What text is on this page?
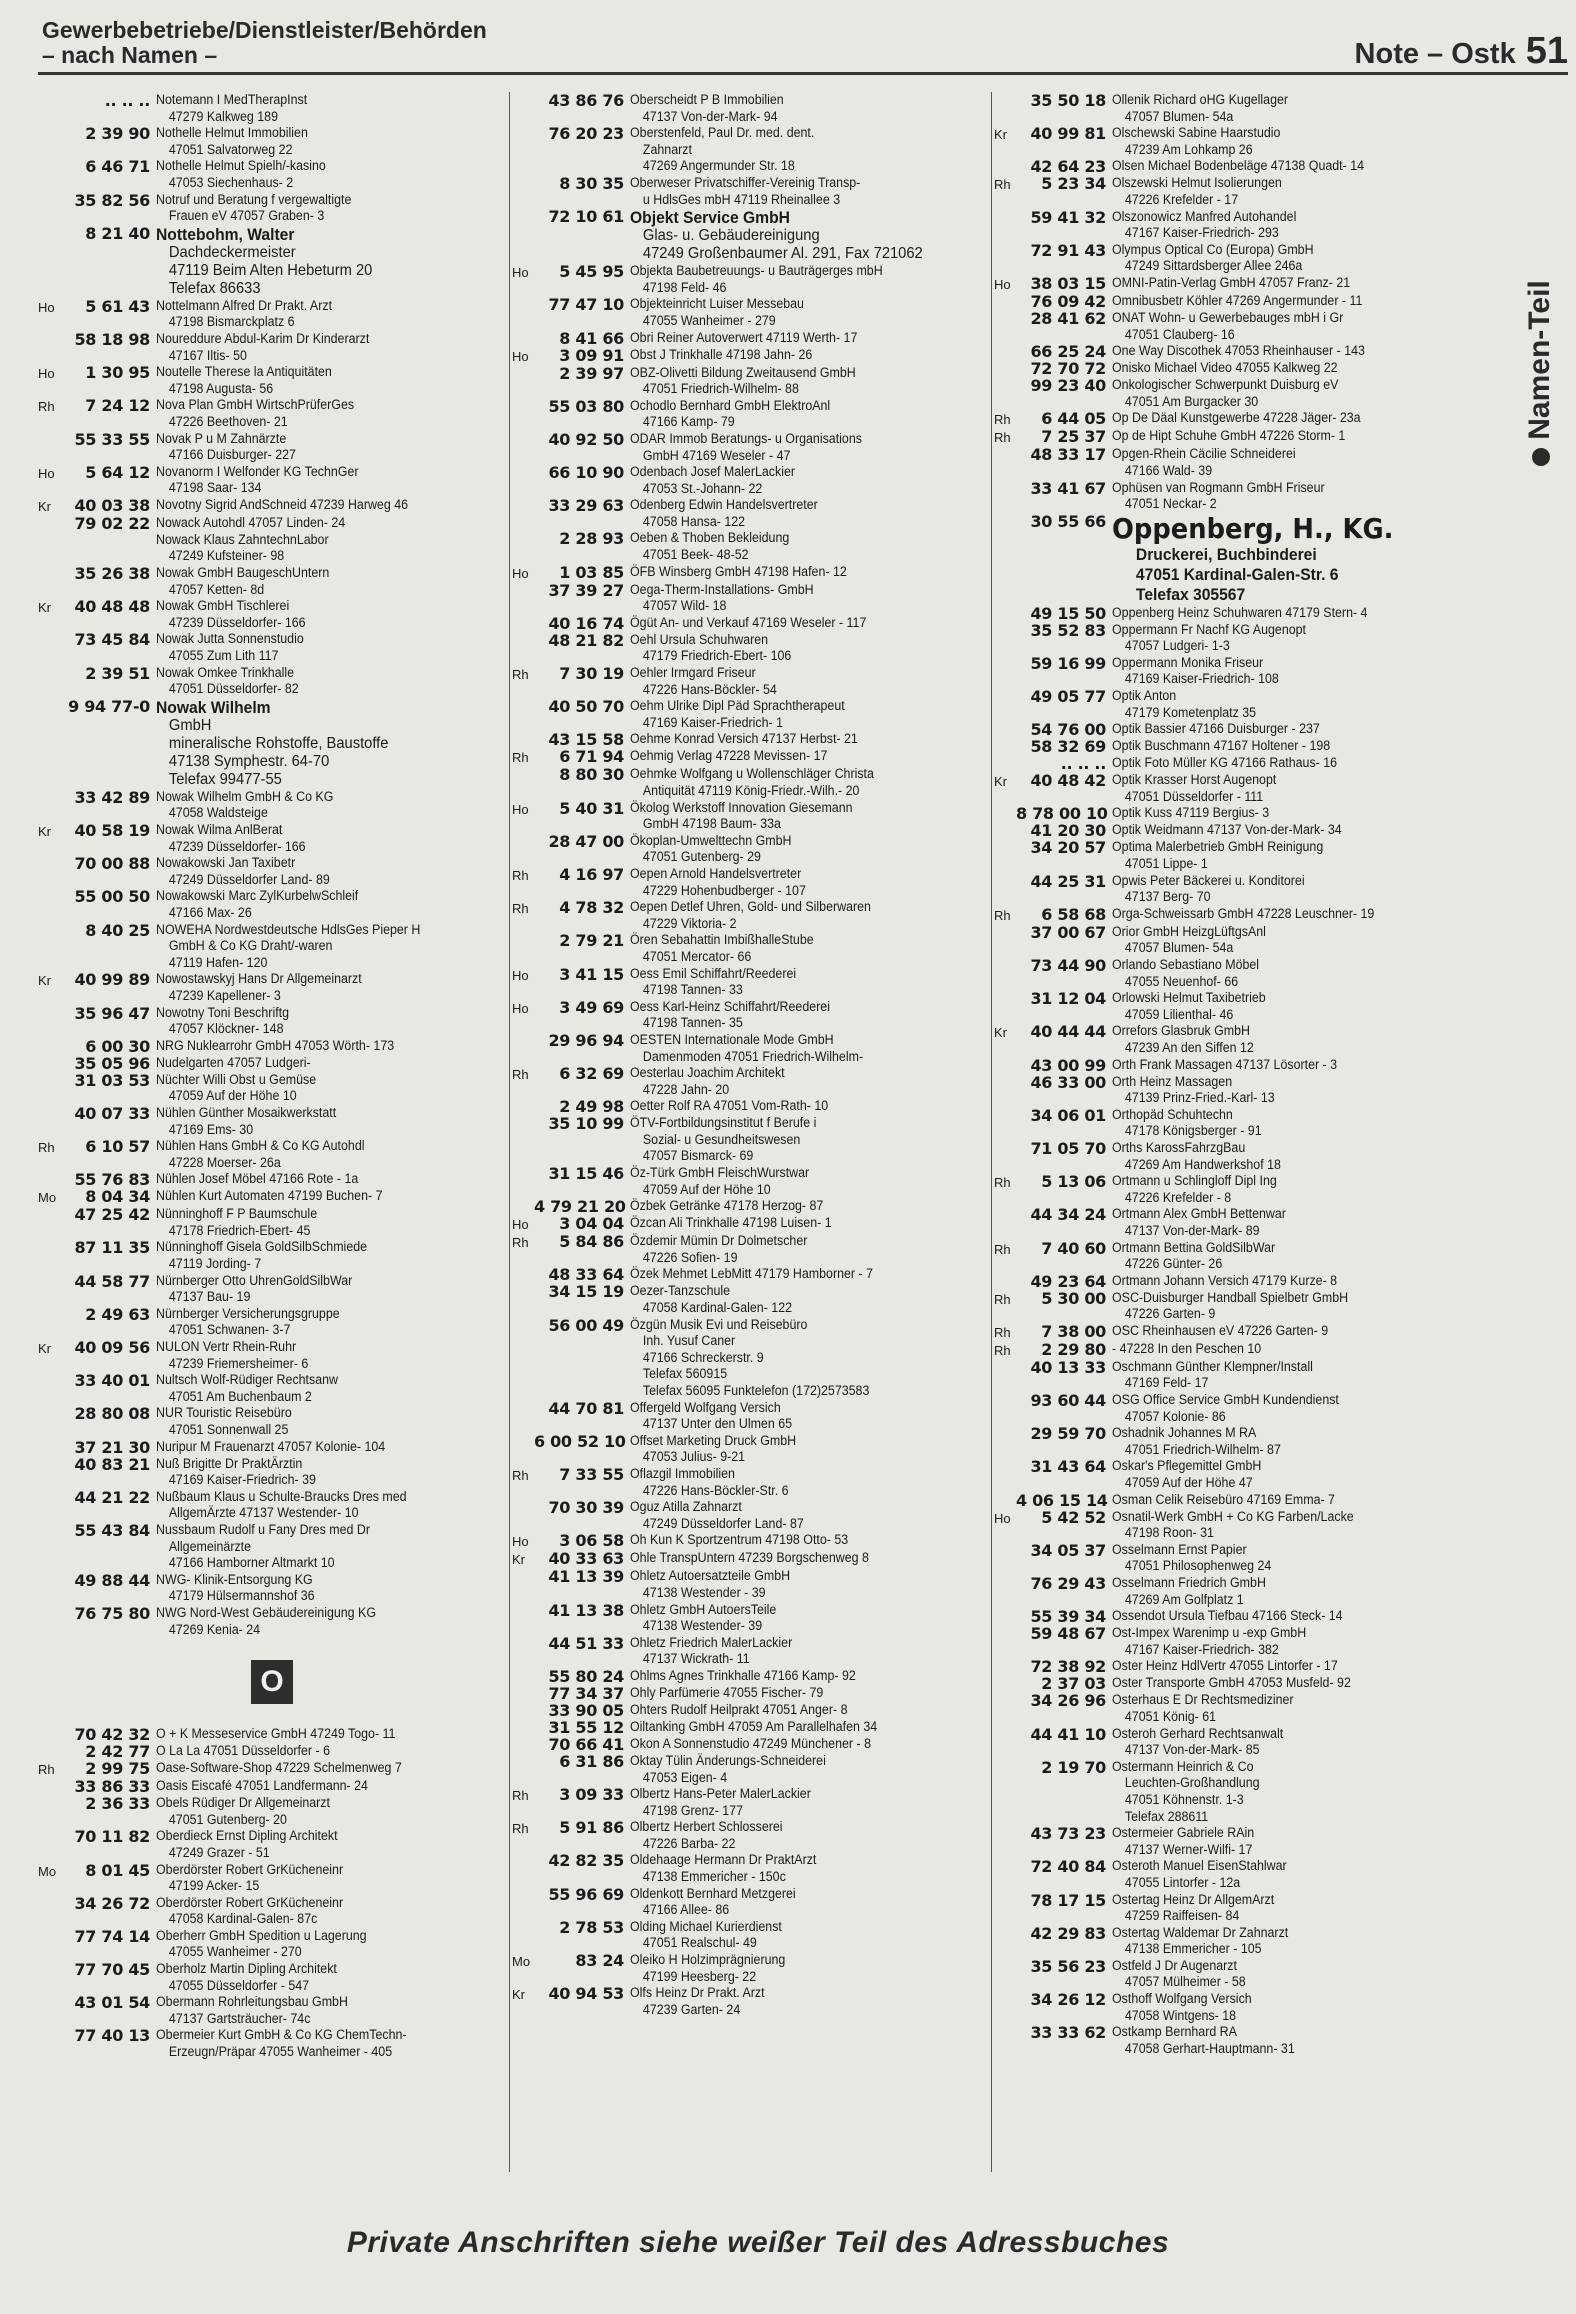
Gewerbebetriebe/Dienstleister/Behörden
– nach Namen –	Note – Ostk 51
.. .. .. Notemann I MedTherapInst
47279 Kalkweg 189
2 39 90 Nothelle Helmut Immobilien
47051 Salvatorweg 22
6 46 71 Nothelle Helmut Spielh/-kasino
47053 Siechenhaus- 2
35 82 56 Notruf und Beratung f vergewaltigte
Frauen eV 47057 Graben- 3
8 21 40 Nottebohm, Walter
Dachdeckermeister
47119 Beim Alten Hebeturm 20
Telefax 86633
Ho	5 61 43 Nottelmann Alfred Dr Prakt. Arzt
47198 Bismarckplatz 6
58 18 98 Noureddure Abdul-Karim Dr Kinderarzt
47167 Iltis- 50
Ho	1 30 95 Noutelle Therese la Antiquitäten
47198 Augusta- 56
Rh	7 24 12 Nova Plan GmbH WirtschPrüferGes
47226 Beethoven- 21
55 33 55 Novak P u M Zahnärzte
47166 Duisburger- 227
Ho	5 64 12 Novanorm I Welfonder KG TechnGer
47198 Saar- 134
Kr	40 03 38 Novotny Sigrid AndSchneid 47239 Harweg 46
79 02 22 Nowack Autohdl 47057 Linden- 24
Nowack Klaus ZahntechnLabor
47249 Kufsteiner- 98
35 26 38 Nowak GmbH BaugeschUntern
47057 Ketten- 8d
Kr	40 48 48 Nowak GmbH Tischlerei
47239 Düsseldorfer- 166
73 45 84 Nowak Jutta Sonnenstudio
47055 Zum Lith 117
2 39 51 Nowak Omkee Trinkhalle
47051 Düsseldorfer- 82
9 94 77-0 Nowak Wilhelm
GmbH
mineralische Rohstoffe, Baustoffe
47138 Symphestr. 64-70
Telefax 99477-55
33 42 89 Nowak Wilhelm GmbH & Co KG
47058 Waldsteige
Kr	40 58 19 Nowak Wilma AnlBerat
47239 Düsseldorfer- 166
70 00 88 Nowakowski Jan Taxibetr
47249 Düsseldorfer Land- 89
55 00 50 Nowakowski Marc ZylKurbelwSchleif
47166 Max- 26
8 40 25 NOWEHA Nordwestdeutsche HdlsGes Pieper H
GmbH & Co KG Draht/-waren
47119 Hafen- 120
Kr	40 99 89 Nowostawskyj Hans Dr Allgemeinarzt
47239 Kapellener- 3
35 96 47 Nowotny Toni Beschriftg
47057 Klöckner- 148
6 00 30 NRG Nuklearrohr GmbH 47053 Wörth- 173
35 05 96 Nudelgarten 47057 Ludgeri-
31 03 53 Nüchter Willi Obst u Gemüse
47059 Auf der Höhe 10
40 07 33 Nühlen Günther Mosaikwerkstatt
47169 Ems- 30
Rh	6 10 57 Nühlen Hans GmbH & Co KG Autohdl
47228 Moerser- 26a
55 76 83 Nühlen Josef Möbel 47166 Rote - 1a
Mo	8 04 34 Nühlen Kurt Automaten 47199 Buchen- 7
47 25 42 Nünninghoff F P Baumschule
47178 Friedrich-Ebert- 45
87 11 35 Nünninghoff Gisela GoldSilbSchmiede
47119 Jording- 7
44 58 77 Nürnberger Otto UhrenGoldSilbWar
47137 Bau- 19
2 49 63 Nürnberger Versicherungsgruppe
47051 Schwanen- 3-7
Kr	40 09 56 NULON Vertr Rhein-Ruhr
47239 Friemersheimer- 6
33 40 01 Nultsch Wolf-Rüdiger Rechtsanw
47051 Am Buchenbaum 2
28 80 08 NUR Touristic Reisebüro
47051 Sonnenwall 25
37 21 30 Nuripur M Frauenarzt 47057 Kolonie- 104
40 83 21 Nuß Brigitte Dr PraktÄrztin
47169 Kaiser-Friedrich- 39
44 21 22 Nußbaum Klaus u Schulte-Braucks Dres med
AllgemÄrzte 47137 Westender- 10
55 43 84 Nussbaum Rudolf u Fany Dres med Dr
Allgemeinärzte
47166 Hamborner Altmarkt 10
49 88 44 NWG- Klinik-Entsorgung KG
47179 Hülsermannshof 36
76 75 80 NWG Nord-West Gebäudereinigung KG
47269 Kenia- 24
O
70 42 32 O + K Messeservice GmbH 47249 Togo- 11
2 42 77 O La La 47051 Düsseldorfer - 6
Rh	2 99 75 Oase-Software-Shop 47229 Schelmenweg 7
33 86 33 Oasis Eiscafé 47051 Landfermann- 24
2 36 33 Obels Rüdiger Dr Allgemeinarzt
47051 Gutenberg- 20
70 11 82 Oberdieck Ernst Dipling Architekt
47249 Grazer - 51
Mo	8 01 45 Oberdörster Robert GrKücheneinr
47199 Acker- 15
34 26 72 Oberdörster Robert GrKücheneinr
47058 Kardinal-Galen- 87c
77 74 14 Oberherr GmbH Spedition u Lagerung
47055 Wanheimer - 270
77 70 45 Oberholz Martin Dipling Architekt
47055 Düsseldorfer - 547
43 01 54 Obermann Rohrleitungsbau GmbH
47137 Gartsträucher- 74c
77 40 13 Obermeier Kurt GmbH & Co KG ChemTechn-
Erzeugn/Präpar 47055 Wanheimer - 405
43 86 76 Oberscheidt P B Immobilien
47137 Von-der-Mark- 94
76 20 23 Oberstenfeld, Paul Dr. med. dent.
Zahnarzt
47269 Angermunder Str. 18
8 30 35 Oberweser Privatschiffer-Vereinig Transp-
u HdlsGes mbH 47119 Rheinallee 3
72 10 61 Objekt Service GmbH
Glas- u. Gebäudereinigung
47249 Großenbaumer Al. 291, Fax 721062
Ho	5 45 95 Objekta Baubetreuungs- u Bauträgerges mbH
47198 Feld- 46
77 47 10 Objekteinricht Luiser Messebau
47055 Wanheimer - 279
8 41 66 Obri Reiner Autoverwert 47119 Werth- 17
Ho	3 09 91 Obst J Trinkhalle 47198 Jahn- 26
2 39 97 OBZ-Olivetti Bildung Zweitausend GmbH
47051 Friedrich-Wilhelm- 88
55 03 80 Ochodlo Bernhard GmbH ElektroAnl
47166 Kamp- 79
40 92 50 ODAR Immob Beratungs- u Organisations
GmbH 47169 Weseler - 47
66 10 90 Odenbach Josef MalerLackier
47053 St.-Johann- 22
33 29 63 Odenberg Edwin Handelsvertreter
47058 Hansa- 122
2 28 93 Oeben & Thoben Bekleidung
47051 Beek- 48-52
Ho	1 03 85 ÖFB Winsberg GmbH 47198 Hafen- 12
37 39 27 Oega-Therm-Installations- GmbH
47057 Wild- 18
40 16 74 Ögüt An- und Verkauf 47169 Weseler - 117
48 21 82 Oehl Ursula Schuhwaren
47179 Friedrich-Ebert- 106
Rh	7 30 19 Oehler Irmgard Friseur
47226 Hans-Böckler- 54
40 50 70 Oehm Ulrike Dipl Päd Sprachtherapeut
47169 Kaiser-Friedrich- 1
43 15 58 Oehme Konrad Versich 47137 Herbst- 21
Rh	6 71 94 Oehmig Verlag 47228 Mevissen- 17
8 80 30 Oehmke Wolfgang u Wollenschläger Christa
Antiquität 47119 König-Friedr.-Wilh.- 20
Ho	5 40 31 Ökolog Werkstoff Innovation Giesemann
GmbH 47198 Baum- 33a
28 47 00 Ökoplan-Umwelttechn GmbH
47051 Gutenberg- 29
Rh	4 16 97 Oepen Arnold Handelsvertreter
47229 Hohenbudberger - 107
Rh	4 78 32 Oepen Detlef Uhren, Gold- und Silberwaren
47229 Viktoria- 2
2 79 21 Ören Sebahattin ImbißhalleStube
47051 Mercator- 66
Ho	3 41 15 Oess Emil Schiffahrt/Reederei
47198 Tannen- 33
Ho	3 49 69 Oess Karl-Heinz Schiffahrt/Reederei
47198 Tannen- 35
29 96 94 OESTEN Internationale Mode GmbH
Damenmoden 47051 Friedrich-Wilhelm-
Rh	6 32 69 Oesterlau Joachim Architekt
47228 Jahn- 20
2 49 98 Oetter Rolf RA 47051 Vom-Rath- 10
35 10 99 ÖTV-Fortbildungsinstitut f Berufe i
Sozial- u Gesundheitswesen
47057 Bismarck- 69
31 15 46 Öz-Türk GmbH FleischWurstwar
47059 Auf der Höhe 10
4 79 21 20 Özbek Getränke 47178 Herzog- 87
Ho	3 04 04 Özcan Ali Trinkhalle 47198 Luisen- 1
Rh	5 84 86 Özdemir Mümin Dr Dolmetscher
47226 Sofien- 19
48 33 64 Özek Mehmet LebMitt 47179 Hamborner - 7
34 15 19 Oezer-Tanzschule
47058 Kardinal-Galen- 122
56 00 49 Özgün Musik Evi und Reisebüro
Inh. Yusuf Caner
47166 Schreckerstr. 9
Telefax 560915
Telefax 56095 Funktelefon (172)2573583
44 70 81 Offergeld Wolfgang Versich
47137 Unter den Ulmen 65
6 00 52 10 Offset Marketing Druck GmbH
47053 Julius- 9-21
Rh	7 33 55 Oflazgil Immobilien
47226 Hans-Böckler-Str. 6
70 30 39 Oguz Atilla Zahnarzt
47249 Düsseldorfer Land- 87
Ho	3 06 58 Oh Kun K Sportzentrum 47198 Otto- 53
Kr	40 33 63 Ohle TranspUntern 47239 Borgschenweg 8
41 13 39 Ohletz Autoersatzteile GmbH
47138 Westender - 39
41 13 38 Ohletz GmbH AutoersTeile
47138 Westender- 39
44 51 33 Ohletz Friedrich MalerLackier
47137 Wickrath- 11
55 80 24 Ohlms Agnes Trinkhalle 47166 Kamp- 92
77 34 37 Ohly Parfümerie 47055 Fischer- 79
33 90 05 Ohters Rudolf Heilprakt 47051 Anger- 8
31 55 12 Oiltanking GmbH 47059 Am Parallelhafen 34
70 66 41 Okon A Sonnenstudio 47249 Münchener - 8
6 31 86 Oktay Tülin Änderungs-Schneiderei
47053 Eigen- 4
Rh	3 09 33 Olbertz Hans-Peter MalerLackier
47198 Grenz- 177
Rh	5 91 86 Olbertz Herbert Schlosserei
47226 Barba- 22
42 82 35 Oldehaage Hermann Dr PraktArzt
47138 Emmericher - 150c
55 96 69 Oldenkott Bernhard Metzgerei
47166 Allee- 86
2 78 53 Olding Michael Kurierdienst
47051 Realschul- 49
Mo	83 24 Oleiko H Holzimprägnierung
47199 Heesberg- 22
Kr	40 94 53 Olfs Heinz Dr Prakt. Arzt
47239 Garten- 24
35 50 18 Ollenik Richard oHG Kugellager
47057 Blumen- 54a
Kr	40 99 81 Olschewski Sabine Haarstudio
47239 Am Lohkamp 26
42 64 23 Olsen Michael Bodenbeläge 47138 Quadt- 14
Rh	5 23 34 Olszewski Helmut Isolierungen
47226 Krefelder - 17
59 41 32 Olszonowicz Manfred Autohandel
47167 Kaiser-Friedrich- 293
72 91 43 Olympus Optical Co (Europa) GmbH
47249 Sittardsberger Allee 246a
Ho	38 03 15 OMNI-Patin-Verlag GmbH 47057 Franz- 21
76 09 42 Omnibusbetr Köhler 47269 Angermunder - 11
28 41 62 ONAT Wohn- u Gewerbebauges mbH i Gr
47051 Clauberg- 16
66 25 24 One Way Discothek 47053 Rheinhauser - 143
72 70 72 Onisko Michael Video 47055 Kalkweg 22
99 23 40 Onkologischer Schwerpunkt Duisburg eV
47051 Am Burgacker 30
Rh	6 44 05 Op De Däal Kunstgewerbe 47228 Jäger- 23a
Rh	7 25 37 Op de Hipt Schuhe GmbH 47226 Storm- 1
48 33 17 Opgen-Rhein Cäcilie Schneiderei
47166 Wald- 39
33 41 67 Ophüsen van Rogmann GmbH Friseur
47051 Neckar- 2
30 55 66 Oppenberg, H., KG.
Druckerei, Buchbinderei
47051 Kardinal-Galen-Str. 6
Telefax 305567
49 15 50 Oppenberg Heinz Schuhwaren 47179 Stern- 4
35 52 83 Oppermann Fr Nachf KG Augenopt
47057 Ludgeri- 1-3
59 16 99 Oppermann Monika Friseur
47169 Kaiser-Friedrich- 108
49 05 77 Optik Anton
47179 Kometenplatz 35
54 76 00 Optik Bassier 47166 Duisburger - 237
58 32 69 Optik Buschmann 47167 Holtener - 198
.. .. .. Optik Foto Müller KG 47166 Rathaus- 16
Kr	40 48 42 Optik Krasser Horst Augenopt
47051 Düsseldorfer - 111
8 78 00 10 Optik Kuss 47119 Bergius- 3
41 20 30 Optik Weidmann 47137 Von-der-Mark- 34
34 20 57 Optima Malerbetrieb GmbH Reinigung
47051 Lippe- 1
44 25 31 Opwis Peter Bäckerei u. Konditorei
47137 Berg- 70
Rh	6 58 68 Orga-Schweissarb GmbH 47228 Leuschner- 19
37 00 67 Orior GmbH HeizgLüftgsAnl
47057 Blumen- 54a
73 44 90 Orlando Sebastiano Möbel
47055 Neuenhof- 66
31 12 04 Orlowski Helmut Taxibetrieb
47059 Lilienthal- 46
Kr	40 44 44 Orrefors Glasbruk GmbH
47239 An den Siffen 12
43 00 99 Orth Frank Massagen 47137 Lösorter - 3
46 33 00 Orth Heinz Massagen
47139 Prinz-Fried.-Karl- 13
34 06 01 Orthopäd Schuhtechn
47178 Königsberger - 91
71 05 70 Orths KarossFahrzgBau
47269 Am Handwerkshof 18
Rh	5 13 06 Ortmann u Schlingloff Dipl Ing
47226 Krefelder - 8
44 34 24 Ortmann Alex GmbH Bettenwar
47137 Von-der-Mark- 89
Rh	7 40 60 Ortmann Bettina GoldSilbWar
47226 Günter- 26
49 23 64 Ortmann Johann Versich 47179 Kurze- 8
Rh	5 30 00 OSC-Duisburger Handball Spielbetr GmbH
47226 Garten- 9
Rh	7 38 00 OSC Rheinhausen eV 47226 Garten- 9
Rh	2 29 80 - 47228 In den Peschen 10
40 13 33 Oschmann Günther Klempner/Install
47169 Feld- 17
93 60 44 OSG Office Service GmbH Kundendienst
47057 Kolonie- 86
29 59 70 Oshadnik Johannes M RA
47051 Friedrich-Wilhelm- 87
31 43 64 Oskar's Pflegemittel GmbH
47059 Auf der Höhe 47
4 06 15 14 Osman Celik Reisebüro 47169 Emma- 7
Ho	5 42 52 Osnatil-Werk GmbH + Co KG Farben/Lacke
47198 Roon- 31
34 05 37 Osselmann Ernst Papier
47051 Philosophenweg 24
76 29 43 Osselmann Friedrich GmbH
47269 Am Golfplatz 1
55 39 34 Ossendot Ursula Tiefbau 47166 Steck- 14
59 48 67 Ost-Impex Warenimp u -exp GmbH
47167 Kaiser-Friedrich- 382
72 38 92 Oster Heinz HdlVertr 47055 Lintorfer - 17
2 37 03 Oster Transporte GmbH 47053 Musfeld- 92
34 26 96 Osterhaus E Dr Rechtsmediziner
47051 König- 61
44 41 10 Osteroh Gerhard Rechtsanwalt
47137 Von-der-Mark- 85
2 19 70 Ostermann Heinrich & Co
Leuchten-Großhandlung
47051 Köhnenstr. 1-3
Telefax 288611
43 73 23 Ostermeier Gabriele RAin
47137 Werner-Wilfi- 17
72 40 84 Osteroth Manuel EisenStahlwar
47055 Lintorfer - 12a
78 17 15 Ostertag Heinz Dr AllgemArzt
47259 Raiffeisen- 84
42 29 83 Ostertag Waldemar Dr Zahnarzt
47138 Emmericher - 105
35 56 23 Ostfeld J Dr Augenarzt
47057 Mülheimer - 58
34 26 12 Osthoff Wolfgang Versich
47058 Wintgens- 18
33 33 62 Ostkamp Bernhard RA
47058 Gerhart-Hauptmann- 31
Namen-Teil
Private Anschriften siehe weißer Teil des Adressbuches
